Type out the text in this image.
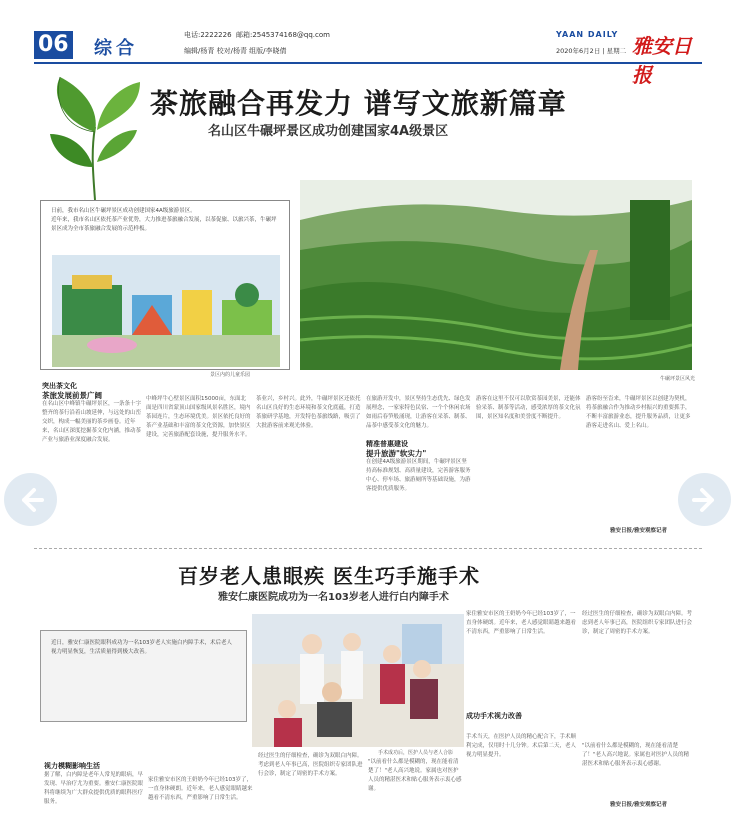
06 综合
电话:2222226 邮箱:2545374168@qq.com
编辑/杨青 校对/杨青 组版/李晓倩
YAAN DAILY
2020年6月2日 | 星期二 雅安日报
茶旅融合再发力 谱写文旅新篇章
名山区牛碾坪景区成功创建国家4A级景区

日前，我市名山区牛碾坪景区成功创建国家4A级旅游景区。

近年来，我市名山区依托茶产业优势，大力推进茶旅融合发展，以茶促旅、以旅兴茶，牛碾坪景区成为全市茶旅融合发展的示范样板。

景区内的儿童乐园
牛碾坪景区风光
突出茶文化
茶旅发展前景广阔
在名山区中峰镇牛碾坪景区，一条条十字整齐的茶行沿着山坡延伸，与远处的山峦交织，构成一幅美丽的茶乡画卷。近年来，名山区深度挖掘茶文化内涵，推动茶产业与旅游业深度融合发展。
中峰坪牛心壁景区面积15000亩，东面北面是四川省蒙顶山国家级风景名胜区，境内茶园连片，生态环境优美。景区依托良好的茶产业基础和丰富的茶文化资源，加快景区建设，完善旅游配套设施，提升服务水平。
茶业兴，乡村兴。此外，牛碾坪景区还依托名山区良好的生态环境和茶文化底蕴，打造茶旅研学基地，开发特色茶旅线路，吸引了大批游客前来观光体验。
在旅游开发中，景区坚持生态优先、绿色发展理念，一家家特色民宿、一个个休闲农场如雨后春笋般涌现，让游客在采茶、制茶、品茶中感受茶文化的魅力。
游客在这里不仅可以欣赏茶园美景，还能体验采茶、制茶等活动，感受浓厚的茶文化氛围，景区知名度和美誉度不断提升。
精准普惠建设
提升旅游"软实力"
在创建4A级旅游景区期间，牛碾坪景区坚持高标准规划、高质量建设，完善游客服务中心、停车场、旅游厕所等基础设施，为游客提供优质服务。
游客纷至沓来，牛碾坪景区以创建为契机，将茶旅融合作为推动乡村振兴的重要抓手，不断丰富旅游业态，提升服务品质，让更多游客走进名山、爱上名山。
雅安日报/雅安观察记者
百岁老人患眼疾 医生巧手施手术
雅安仁康医院成功为一名103岁老人进行白内障手术
近日，雅安仁康医院眼科成功为一名103岁老人实施白内障手术，术后老人视力明显恢复，生活质量得到极大改善。
手术成功后，医护人员与老人合影
家住雅安市区的王奶奶今年已经103岁了，一直身体硬朗。近年来，老人感觉眼睛越来越看不清东西，严重影响了日常生活。
经过医生的仔细检查，确诊为双眼白内障。考虑到老人年事已高，医院组织专家团队进行会诊，制定了周密的手术方案。
成功手术视力改善
手术当天，在医护人员的精心配合下，手术顺利完成，仅用时十几分钟。术后第二天，老人视力明显提升。
"以前看什么都是模糊的，现在能看清楚了！"老人高兴地说。家属也对医护人员的精湛医术和贴心服务表示衷心感谢。
雅安日报/雅安观察记者
视力模糊影响生活
据了解，白内障是老年人常见的眼病，早发现、早治疗尤为重要。雅安仁康医院眼科将继续为广大群众提供优质的眼科医疗服务。
家住雅安市区的王奶奶今年已经103岁了，一直身体硬朗。近年来，老人感觉眼睛越来越看不清东西，严重影响了日常生活。
经过医生的仔细检查，确诊为双眼白内障。考虑到老人年事已高，医院组织专家团队进行会诊，制定了周密的手术方案。
"以前看什么都是模糊的，现在能看清楚了！"老人高兴地说。家属也对医护人员的精湛医术和贴心服务表示衷心感谢。
